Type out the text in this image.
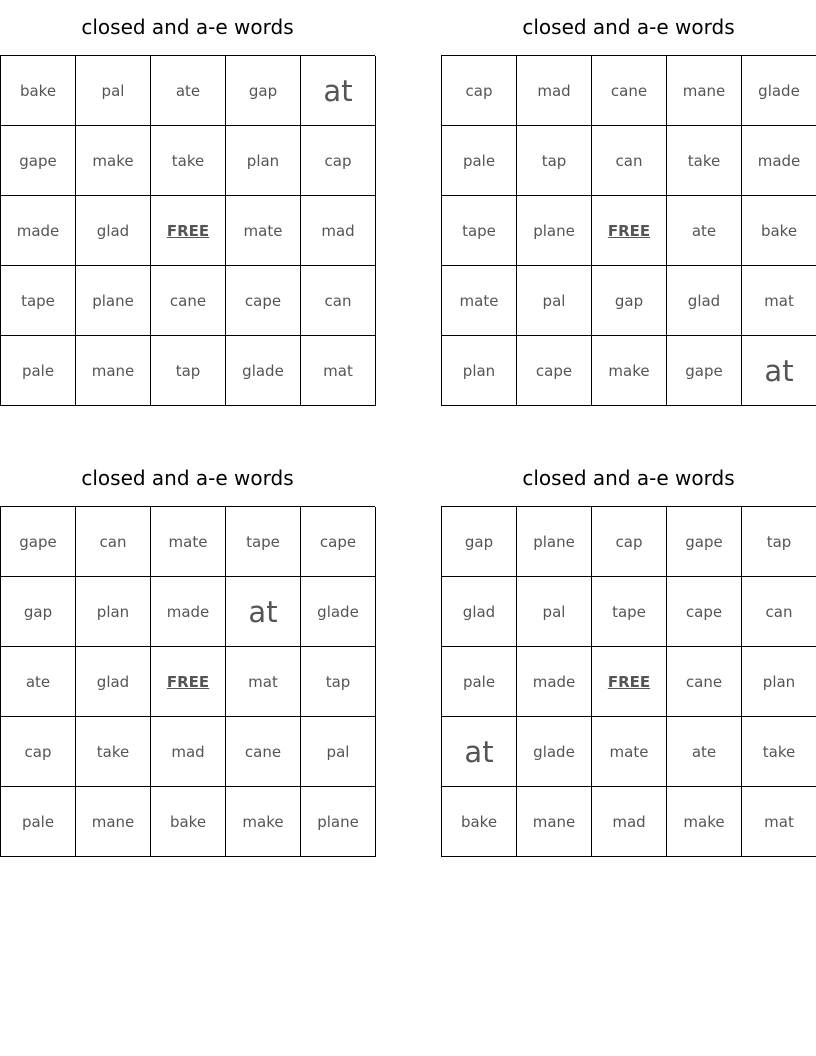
closed and a-e words
bake	pal	ate	gap	at
gape	make	take	plan	cap
made	glad	FREE	mate	mad
tape	plane	cane	cape	can
pale	mane	tap	glade	mat
closed and a-e words
cap	mad	cane	mane	glade
pale	tap	can	take	made
tape	plane	FREE	ate	bake
mate	pal	gap	glad	mat
plan	cape	make	gape	at
closed and a-e words
gape	can	mate	tape	cape
gap	plan	made	at	glade
ate	glad	FREE	mat	tap
cap	take	mad	cane	pal
pale	mane	bake	make	plane
closed and a-e words
gap	plane	cap	gape	tap
glad	pal	tape	cape	can
pale	made	FREE	cane	plan
at	glade	mate	ate	take
bake	mane	mad	make	mat
